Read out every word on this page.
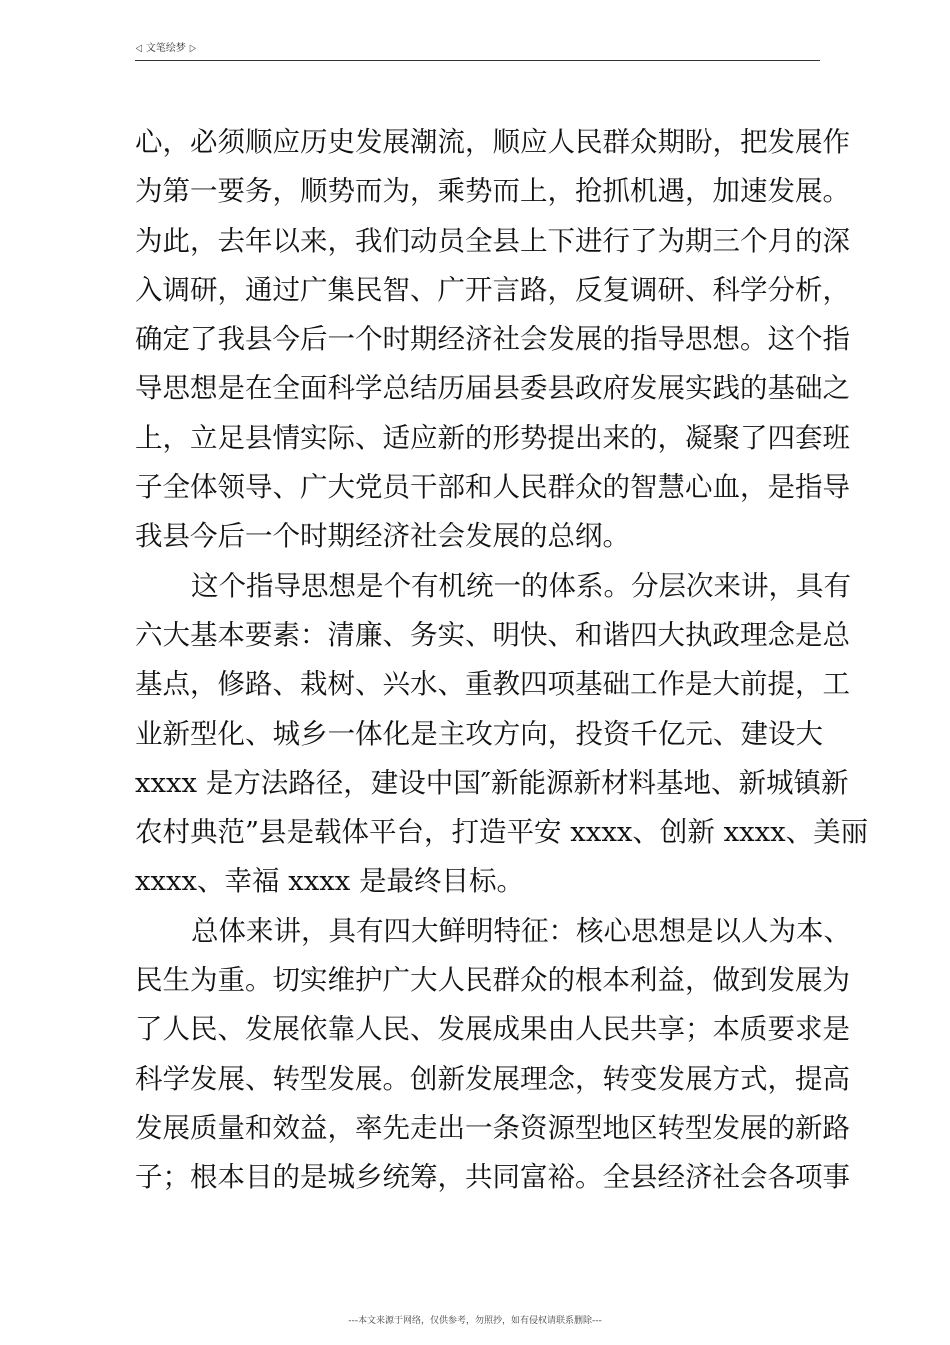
◁ 文笔绘梦 ▷
心，必须顺应历史发展潮流，顺应人民群众期盼，把发展作
为第一要务，顺势而为，乘势而上，抢抓机遇，加速发展。
为此，去年以来，我们动员全县上下进行了为期三个月的深
入调研，通过广集民智、广开言路，反复调研、科学分析，
确定了我县今后一个时期经济社会发展的指导思想。这个指
导思想是在全面科学总结历届县委县政府发展实践的基础之
上，立足县情实际、适应新的形势提出来的，凝聚了四套班
子全体领导、广大党员干部和人民群众的智慧心血，是指导
我县今后一个时期经济社会发展的总纲。
这个指导思想是个有机统一的体系。分层次来讲，具有
六大基本要素：清廉、务实、明快、和谐四大执政理念是总
基点，修路、栽树、兴水、重教四项基础工作是大前提，工
业新型化、城乡一体化是主攻方向，投资千亿元、建设大
xxxx 是方法路径，建设中国″新能源新材料基地、新城镇新
农村典范”县是载体平台，打造平安 xxxx、创新 xxxx、美丽
xxxx、幸福 xxxx 是最终目标。
总体来讲，具有四大鲜明特征：核心思想是以人为本、
民生为重。切实维护广大人民群众的根本利益，做到发展为
了人民、发展依靠人民、发展成果由人民共享；本质要求是
科学发展、转型发展。创新发展理念，转变发展方式，提高
发展质量和效益，率先走出一条资源型地区转型发展的新路
子；根本目的是城乡统筹，共同富裕。全县经济社会各项事
---本文来源于网络，仅供参考，勿照抄，如有侵权请联系删除---
